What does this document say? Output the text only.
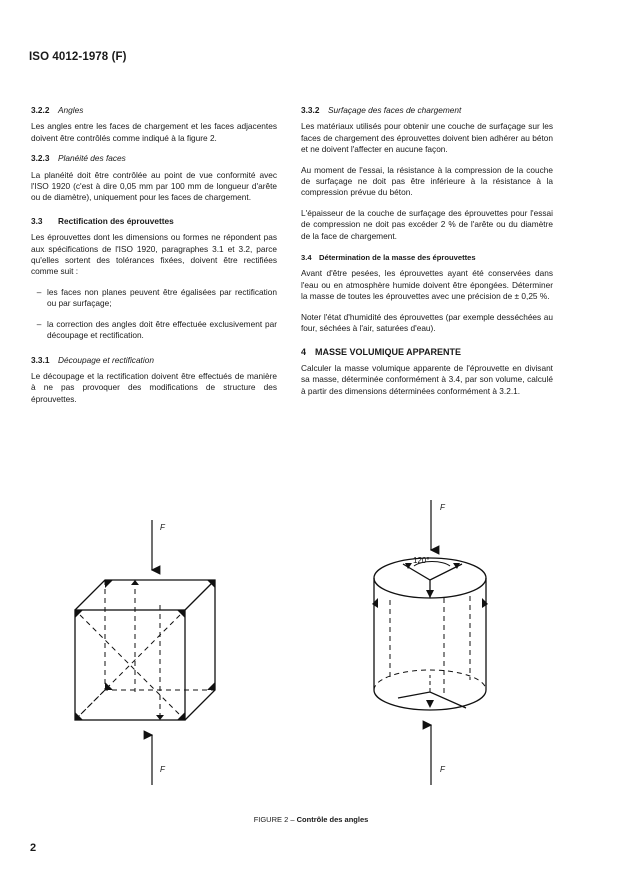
ISO 4012-1978 (F)
3.2.2 Angles

Les angles entre les faces de chargement et les faces adjacentes doivent être contrôlés comme indiqué à la figure 2.

3.2.3 Planéité des faces

La planéité doit être contrôlée au point de vue conformité avec l'ISO 1920 (c'est à dire 0,05 mm par 100 mm de longueur d'arête ou de diamètre), uniquement pour les faces de chargement.

3.3 Rectification des éprouvettes

Les éprouvettes dont les dimensions ou formes ne répondent pas aux spécifications de l'ISO 1920, paragraphes 3.1 et 3.2, parce qu'elles sortent des tolérances fixées, doivent être rectifiées comme suit :

– les faces non planes peuvent être égalisées par rectification ou par surfaçage;
– la correction des angles doit être effectuée exclusivement par découpage et rectification.
3.3.1 Découpage et rectification

Le découpage et la rectification doivent être effectués de manière à ne pas provoquer des modifications de structure des éprouvettes.

3.3.2 Surfaçage des faces de chargement

Les matériaux utilisés pour obtenir une couche de surfaçage sur les faces de chargement des éprouvettes doivent bien adhérer au béton et ne doivent l'affecter en aucune façon.

Au moment de l'essai, la résistance à la compression de la couche de surfaçage ne doit pas être inférieure à la résistance à la compression prévue du béton.

L'épaisseur de la couche de surfaçage des éprouvettes pour l'essai de compression ne doit pas excéder 2 % de l'arête ou du diamètre de la face de chargement.

3.4 Détermination de la masse des éprouvettes

Avant d'être pesées, les éprouvettes ayant été conservées dans l'eau ou en atmosphère humide doivent être épongées. Déterminer la masse de toutes les éprouvettes avec une précision de ± 0,25 %.

Noter l'état d'humidité des éprouvettes (par exemple desséchées au four, séchées à l'air, saturées d'eau).

4 MASSE VOLUMIQUE APPARENTE

Calculer la masse volumique apparente de l'éprouvette en divisant sa masse, déterminée conformément à 3.4, par son volume, calculé à partir des dimensions déterminées conformément à 3.2.1.

F
F
120°
F
F
FIGURE 2 – Contrôle des angles
2
